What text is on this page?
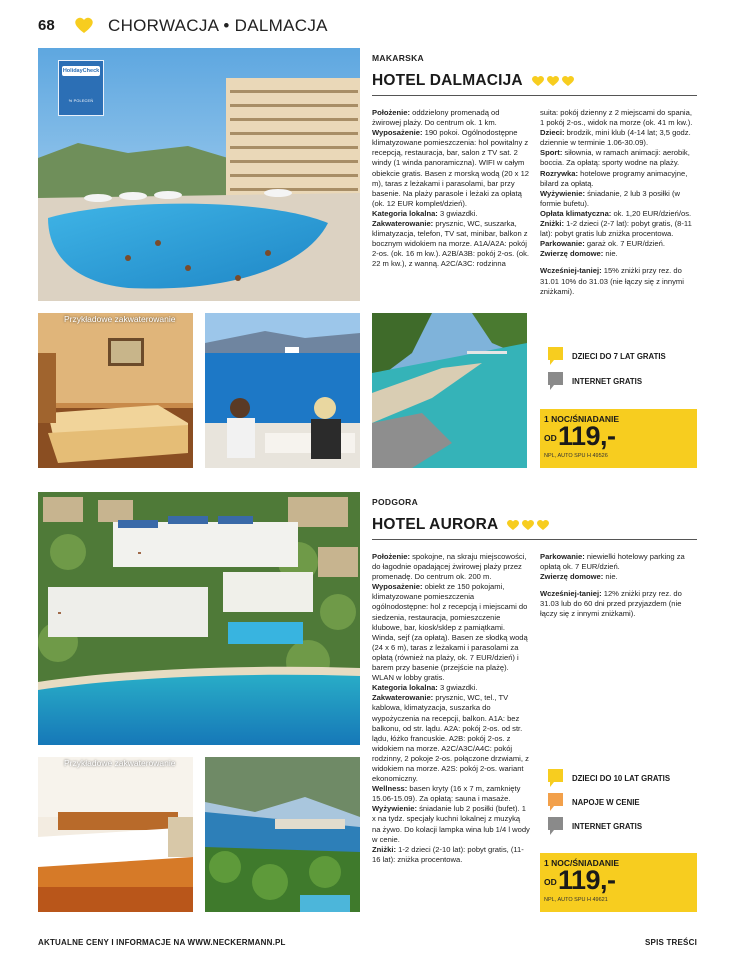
68	CHORWACJA • DALMACJA
HolidayCheck
% POLECEŃ
Przykładowe zakwaterowanie
MAKARSKA
HOTEL DALMACIJA

Położenie: oddzielony promenadą od żwirowej plaży. Do centrum ok. 1 km.

Wyposażenie: 190 pokoi. Ogólnodostępne klimatyzowane pomieszczenia: hol powitalny z recepcją, restauracja, bar, salon z TV sat. 2 windy (1 winda panoramiczna). WIFI w całym obiekcie gratis. Basen z morską wodą (20 x 12 m), taras z leżakami i parasolami, bar przy basenie. Na plaży parasole i leżaki za opłatą (ok. 12 EUR komplet/dzień).

Kategoria lokalna: 3 gwiazdki.

Zakwaterowanie: prysznic, WC, suszarka, klimatyzacja, telefon, TV sat, minibar, balkon z bocznym widokiem na morze. A1A/A2A: pokój 2-os. (ok. 16 m kw.). A2B/A3B: pokój 2-os. (ok. 22 m kw.), z wanną. A2C/A3C: rodzinna

suita: pokój dzienny z 2 miejscami do spania, 1 pokój 2-os., widok na morze (ok. 41 m kw.).

Dzieci: brodzik, mini klub (4-14 lat; 3,5 godz. dziennie w terminie 1.06-30.09).

Sport: siłownia, w ramach animacji: aerobik, boccia. Za opłatą: sporty wodne na plaży.

Rozrywka: hotelowe programy animacyjne, bilard za opłatą.

Wyżywienie: śniadanie, 2 lub 3 posiłki (w formie bufetu).

Opłata klimatyczna: ok. 1,20 EUR/dzień/os.

Zniżki: 1-2 dzieci (2-7 lat): pobyt gratis, (8-11 lat): pobyt gratis lub zniżka procentowa.

Parkowanie: garaż ok. 7 EUR/dzień.

Zwierzę domowe: nie.

Wcześniej-taniej: 15% zniżki przy rez. do 31.01 10% do 31.03 (nie łączy się z innymi zniżkami).

DZIECI DO 7 LAT GRATIS
INTERNET GRATIS
1 NOC/ŚNIADANIE
OD 119,-
NPL, AUTO SPU H 49526
Przykładowe zakwaterowanie
PODGORA
HOTEL AURORA

Położenie: spokojne, na skraju miejscowości, do łagodnie opadającej żwirowej plaży przez promenadę. Do centrum ok. 200 m.

Wyposażenie: obiekt ze 150 pokojami, klimatyzowane pomieszczenia ogólnodostępne: hol z recepcją i miejscami do siedzenia, restauracja, pomieszczenie klubowe, bar, kiosk/sklep z pamiątkami. Winda, sejf (za opłatą). Basen ze słodką wodą (24 x 6 m), taras z leżakami i parasolami za opłatą (również na plaży, ok. 7 EUR/dzień) i barem przy basenie (przejście na plażę). WLAN w lobby gratis.

Kategoria lokalna: 3 gwiazdki.

Zakwaterowanie: prysznic, WC, tel., TV kablowa, klimatyzacja, suszarka do wypożyczenia na recepcji, balkon. A1A: bez balkonu, od str. lądu. A2A: pokój 2-os. od str. lądu, łóżko francuskie. A2B: pokój 2-os. z widokiem na morze. A2C/A3C/A4C: pokój rodzinny, 2 pokoje 2-os. połączone drzwiami, z widokiem na morze. A2S: pokój 2-os. wariant ekonomiczny.

Wellness: basen kryty (16 x 7 m, zamknięty 15.06-15.09). Za opłatą: sauna i masaże.

Wyżywienie: śniadanie lub 2 posiłki (bufet). 1 x na tydz. specjały kuchni lokalnej z muzyką na żywo. Do kolacji lampka wina lub 1/4 l wody w cenie.

Zniżki: 1-2 dzieci (2-10 lat): pobyt gratis, (11-16 lat): zniżka procentowa.

Parkowanie: niewielki hotelowy parking za opłatą ok. 7 EUR/dzień.

Zwierzę domowe: nie.

Wcześniej-taniej: 12% zniżki przy rez. do 31.03 lub do 60 dni przed przyjazdem (nie łączy się z innymi zniżkami).

DZIECI DO 10 LAT GRATIS
NAPOJE W CENIE
INTERNET GRATIS
1 NOC/ŚNIADANIE
OD 119,-
NPL, AUTO SPU H 49621
AKTUALNE CENY I INFORMACJE NA WWW.NECKERMANN.PL	SPIS TREŚCI
